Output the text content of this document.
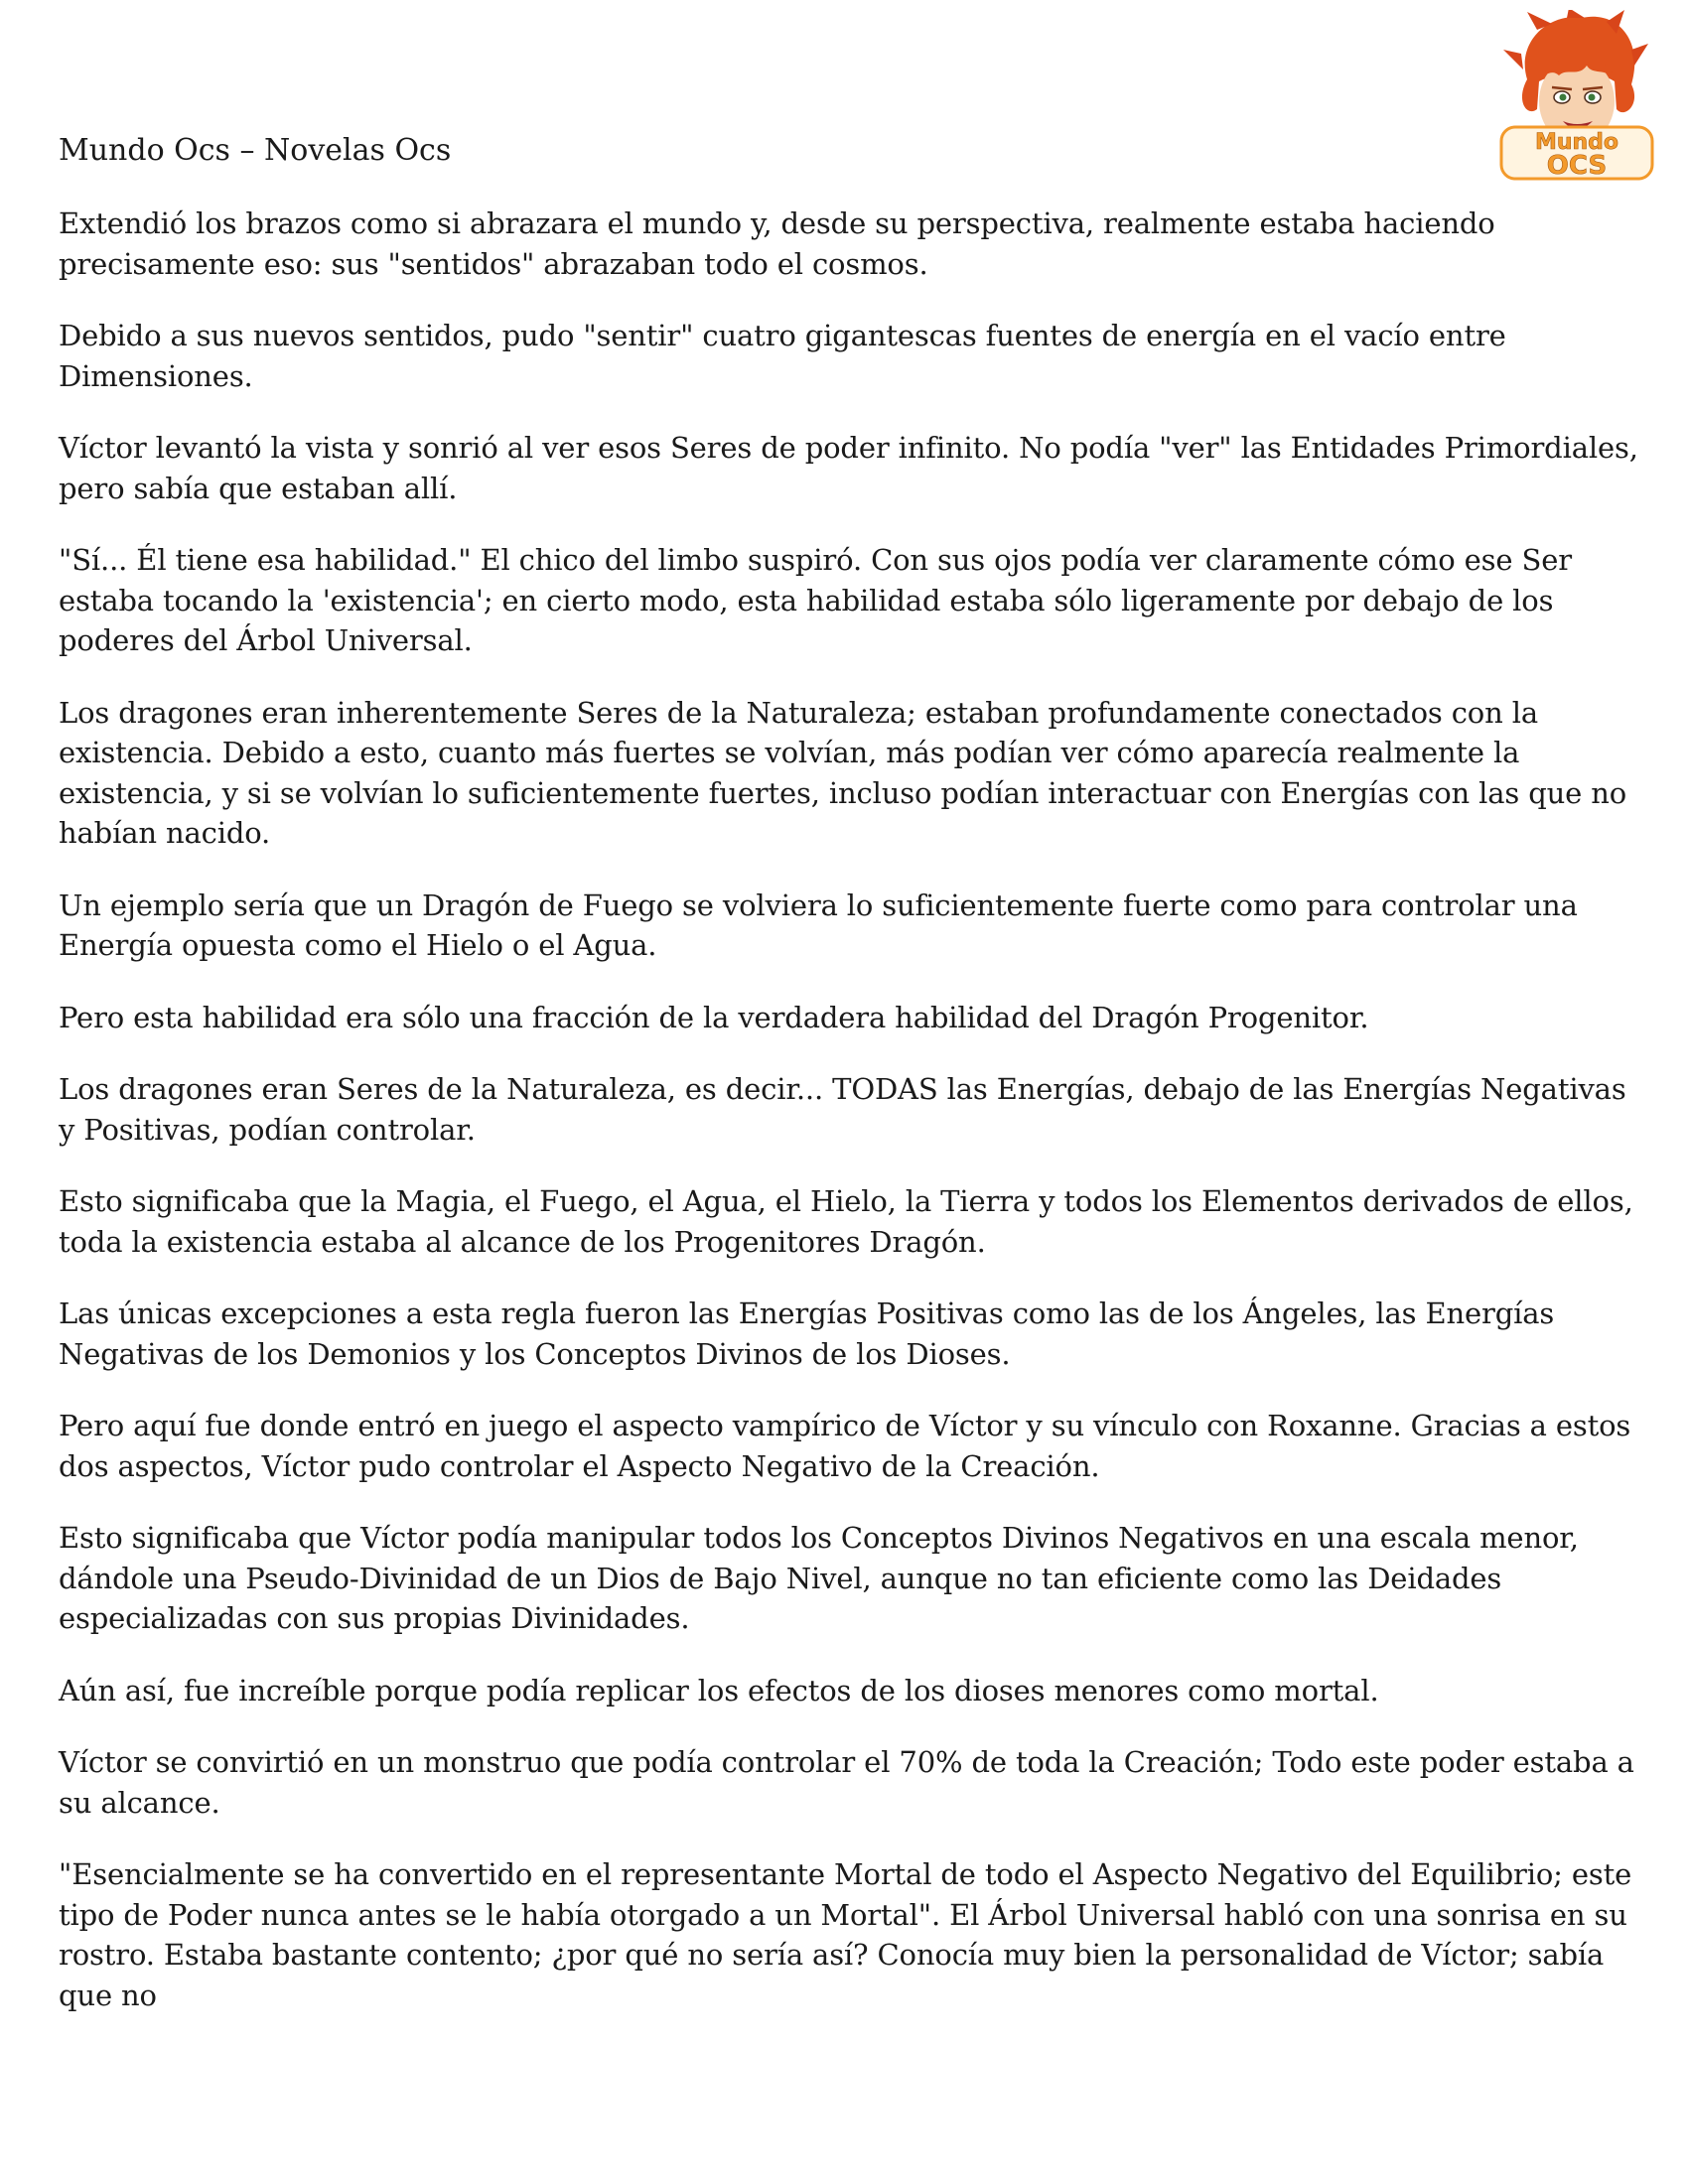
Mundo
OCS
Mundo Ocs – Novelas Ocs

Extendió los brazos como si abrazara el mundo y, desde su perspectiva, realmente estaba haciendo precisamente eso: sus "sentidos" abrazaban todo el cosmos.

Debido a sus nuevos sentidos, pudo "sentir" cuatro gigantescas fuentes de energía en el vacío entre Dimensiones.

Víctor levantó la vista y sonrió al ver esos Seres de poder infinito. No podía "ver" las Entidades Primordiales, pero sabía que estaban allí.

"Sí... Él tiene esa habilidad." El chico del limbo suspiró. Con sus ojos podía ver claramente cómo ese Ser estaba tocando la 'existencia'; en cierto modo, esta habilidad estaba sólo ligeramente por debajo de los poderes del Árbol Universal.

Los dragones eran inherentemente Seres de la Naturaleza; estaban profundamente conectados con la existencia. Debido a esto, cuanto más fuertes se volvían, más podían ver cómo aparecía realmente la existencia, y si se volvían lo suficientemente fuertes, incluso podían interactuar con Energías con las que no habían nacido.

Un ejemplo sería que un Dragón de Fuego se volviera lo suficientemente fuerte como para controlar una Energía opuesta como el Hielo o el Agua.

Pero esta habilidad era sólo una fracción de la verdadera habilidad del Dragón Progenitor.

Los dragones eran Seres de la Naturaleza, es decir... TODAS las Energías, debajo de las Energías Negativas y Positivas, podían controlar.

Esto significaba que la Magia, el Fuego, el Agua, el Hielo, la Tierra y todos los Elementos derivados de ellos, toda la existencia estaba al alcance de los Progenitores Dragón.

Las únicas excepciones a esta regla fueron las Energías Positivas como las de los Ángeles, las Energías Negativas de los Demonios y los Conceptos Divinos de los Dioses.

Pero aquí fue donde entró en juego el aspecto vampírico de Víctor y su vínculo con Roxanne. Gracias a estos dos aspectos, Víctor pudo controlar el Aspecto Negativo de la Creación.

Esto significaba que Víctor podía manipular todos los Conceptos Divinos Negativos en una escala menor, dándole una Pseudo-Divinidad de un Dios de Bajo Nivel, aunque no tan eficiente como las Deidades especializadas con sus propias Divinidades.

Aún así, fue increíble porque podía replicar los efectos de los dioses menores como mortal.

Víctor se convirtió en un monstruo que podía controlar el 70% de toda la Creación; Todo este poder estaba a su alcance.

"Esencialmente se ha convertido en el representante Mortal de todo el Aspecto Negativo del Equilibrio; este tipo de Poder nunca antes se le había otorgado a un Mortal". El Árbol Universal habló con una sonrisa en su rostro. Estaba bastante contento; ¿por qué no sería así? Conocía muy bien la personalidad de Víctor; sabía que no
